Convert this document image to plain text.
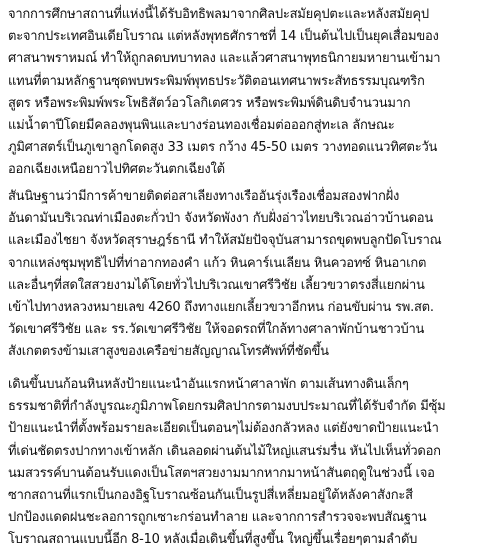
จากการศึกษาสถานที่แห่งนี้ได้รับอิทธิพลมาจากศิลปะสมัยคุปตะและหลังสมัยคุป
ตะจากประเทศอินเดียโบราณ แต่หลังพุทธศักราชที่ 14 เป็นต้นไปเป็นยุคเสื่อมของ
ศาสนาพราหมณ์ ทำให้ถูกลดบทบาทลง และแล้วศาสนาพุทธนิกายมหายานเข้ามา
แทนที่ตามหลักฐานซุดพบพระพิมพ์พุทธประวัติตอนเทศนาพระสัทธรรมบุณฑริก
สูตร หรือพระพิมพ์พระโพธิสัตว์อวโลกิเตศวร หรือพระพิมพ์ดินดิบจำนวนมาก
แม่น้ำตาปีโดยมีคลองพุนพินและบางร่อนทองเชื่อมต่อออกสู่ทะเล ลักษณะ
ภูมิศาสตร์เป็นภูเขาลูกโดดสูง 33 เมตร กว้าง 45-50 เมตร วางทอดแนวทิศตะวัน
ออกเฉียงเหนือยาวไปทิศตะวันตกเฉียงใต้
สันนิษฐานว่ามีการค้าขายติดต่อสาเลียงทางเรืออันรุ่งเรืองเชื่อมสองฟากฝั่ง
อันดามันบริเวณท่าเมืองตะกั่วป่า จังหวัดพังงา กับฝั่งอ่าวไทยบริเวณอ่าวบ้านดอน
และเมืองไชยา จังหวัดสุราษฎร์ธานี ทำให้สมัยปัจจุบันสามารถขุดพบลูกปัดโบราณ
จากแหล่งชุมพุทธิไปที่ท่าอากทองคำ แก้ว หินคาร์เนเลียน หินควอทซ์ หินอาเกต
และอื่นๆที่สดใสสวยงามได้โดยทั่วไปบริเวณเขาศรีวิชัย เลี้ยวขวาตรงสี่แยกผ่าน
เข้าไปทางหลวงหมายเลข 4260 ถึงทางแยกเลี้ยวขวาอีกหน ก่อนขับผ่าน รพ.สต.
วัดเขาศรีวิชัย และ รร.วัดเขาศรีวิชัย ให้จอดรถที่ใกล้ทางศาลาพักบ้านชาวบ้าน
สังเกตตรงข้ามเสาสูงของเครือข่ายสัญญาณโทรศัพท์ที่ชัดขึ้น
เดินขึ้นบนก้อนหินหลังป้ายแนะนำอันแรกหน้าศาลาพัก ตามเส้นทางดินเล็กๆ
ธรรมชาติที่กำลังบูรณะภูมิภาพโดยกรมศิลปากรตามงบประมาณที่ได้รับจำกัด มีซุ้ม
ป้ายแนะนำที่ตั้งพร้อมรายละเอียดเป็นตอนๆไม่ต้องกลัวหลง แต่ยังขาดป้ายแนะนำ
ที่เด่นชัดตรงปากทางเข้าหลัก เดินลอดผ่านต้นไม้ใหญ่แสนร่มรื่น หันไปเห็นทั่วดอก
นมสวรรค์บานต้อนรับแดงเป็นโสตฯสวยงามมากหากมาหน้าสันตฤดูในช่วงนี้ เจอ
ซากสถานที่แรกเป็นกองอิฐโบราณซ้อนกันเป็นรูปสี่เหลี่ยมอยู่ใต้หลังคาสังกะสี
ปกป้องแดดฝนชะลอการถูกเซาะกร่อนทำลาย และจากการสำรวจจะพบสัณฐาน
โบราณสถานแบบนี้อีก 8-10 หลังเมื่อเดินขึ้นที่สูงขึ้น ใหญ่ขึ้นเรื่อยๆตามลำดับ
